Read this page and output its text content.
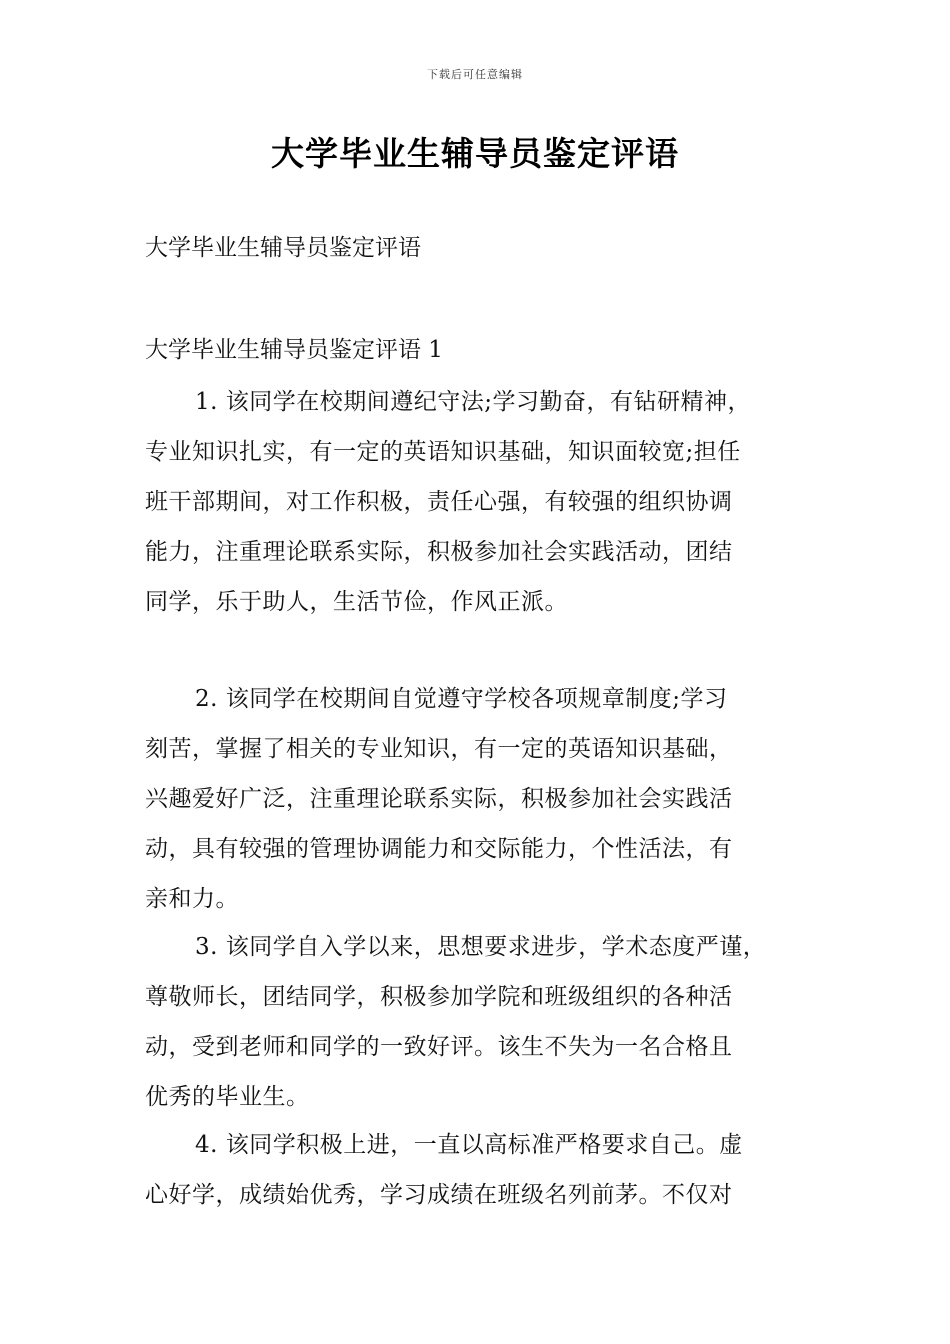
下载后可任意编辑
大学毕业生辅导员鉴定评语
大学毕业生辅导员鉴定评语
大学毕业生辅导员鉴定评语 1
1. 该同学在校期间遵纪守法;学习勤奋，有钻研精神，
专业知识扎实，有一定的英语知识基础，知识面较宽;担任
班干部期间，对工作积极，责任心强，有较强的组织协调
能力，注重理论联系实际，积极参加社会实践活动，团结
同学，乐于助人，生活节俭，作风正派。
2. 该同学在校期间自觉遵守学校各项规章制度;学习
刻苦，掌握了相关的专业知识，有一定的英语知识基础，
兴趣爱好广泛，注重理论联系实际，积极参加社会实践活
动，具有较强的管理协调能力和交际能力，个性活法，有
亲和力。
3. 该同学自入学以来，思想要求进步，学术态度严谨，
尊敬师长，团结同学，积极参加学院和班级组织的各种活
动，受到老师和同学的一致好评。该生不失为一名合格且
优秀的毕业生。
4. 该同学积极上进，一直以高标准严格要求自己。虚
心好学，成绩始优秀，学习成绩在班级名列前茅。不仅对
